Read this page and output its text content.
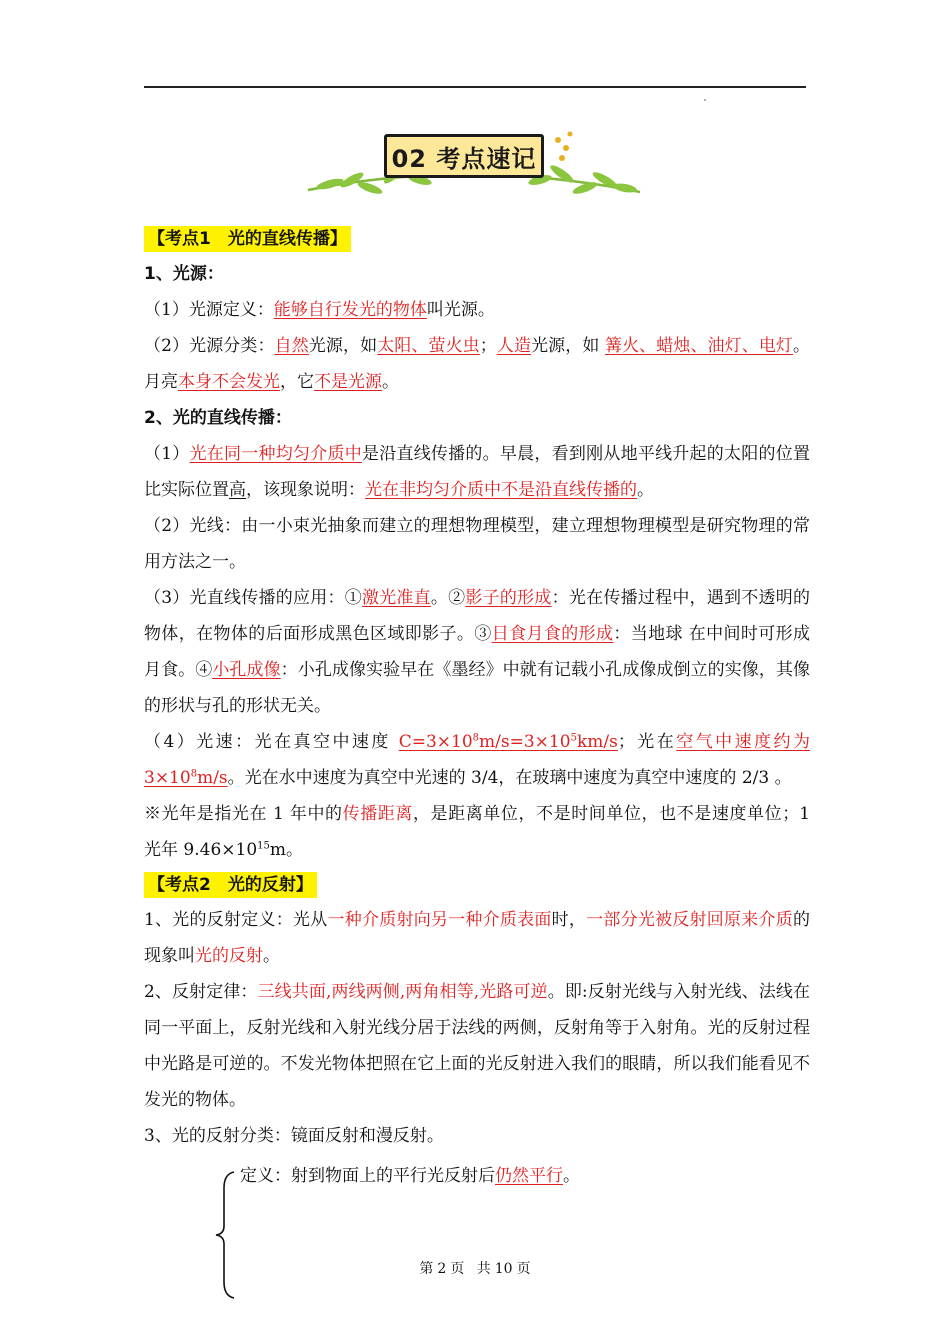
02 考点速记
【考点1　光的直线传播】
1、光源：

（1）光源定义：能够自行发光的物体叫光源。

（2）光源分类：自然光源，如太阳、萤火虫；人造光源，如 篝火、蜡烛、油灯、电灯。月亮本身不会发光，它不是光源。

2、光的直线传播：

（1）光在同一种均匀介质中是沿直线传播的。早晨，看到刚从地平线升起的太阳的位置比实际位置高，该现象说明：光在非均匀介质中不是沿直线传播的。

（2）光线：由一小束光抽象而建立的理想物理模型，建立理想物理模型是研究物理的常用方法之一。

（3）光直线传播的应用：①激光准直。②影子的形成：光在传播过程中，遇到不透明的物体，在物体的后面形成黑色区域即影子。③日食月食的形成：当地球 在中间时可形成月食。④小孔成像：小孔成像实验早在《墨经》中就有记载小孔成像成倒立的实像，其像的形状与孔的形状无关。

（4）光速：光在真空中速度 $C=3\times 10^8m/s=3\times 10^5km/s$；光在空气中速度约为$3\times 10^8m/s$。光在水中速度为真空中光速的 3/4，在玻璃中速度为真空中速度的 2/3 。

※光年是指光在 1 年中的传播距离，是距离单位，不是时间单位，也不是速度单位；1 光年 $9.46\times 10^{15}m$。

【考点2　光的反射】

1、光的反射定义：光从一种介质射向另一种介质表面时，一部分光被反射回原来介质的现象叫光的反射。

2、反射定律：三线共面,两线两侧,两角相等,光路可逆。即:反射光线与入射光线、法线在同一平面上，反射光线和入射光线分居于法线的两侧，反射角等于入射角。光的反射过程中光路是可逆的。不发光物体把照在它上面的光反射进入我们的眼睛，所以我们能看见不发光的物体。

3、光的反射分类：镜面反射和漫反射。

定义：射到物面上的平行光反射后仍然平行。
第 2 页 共 10 页
